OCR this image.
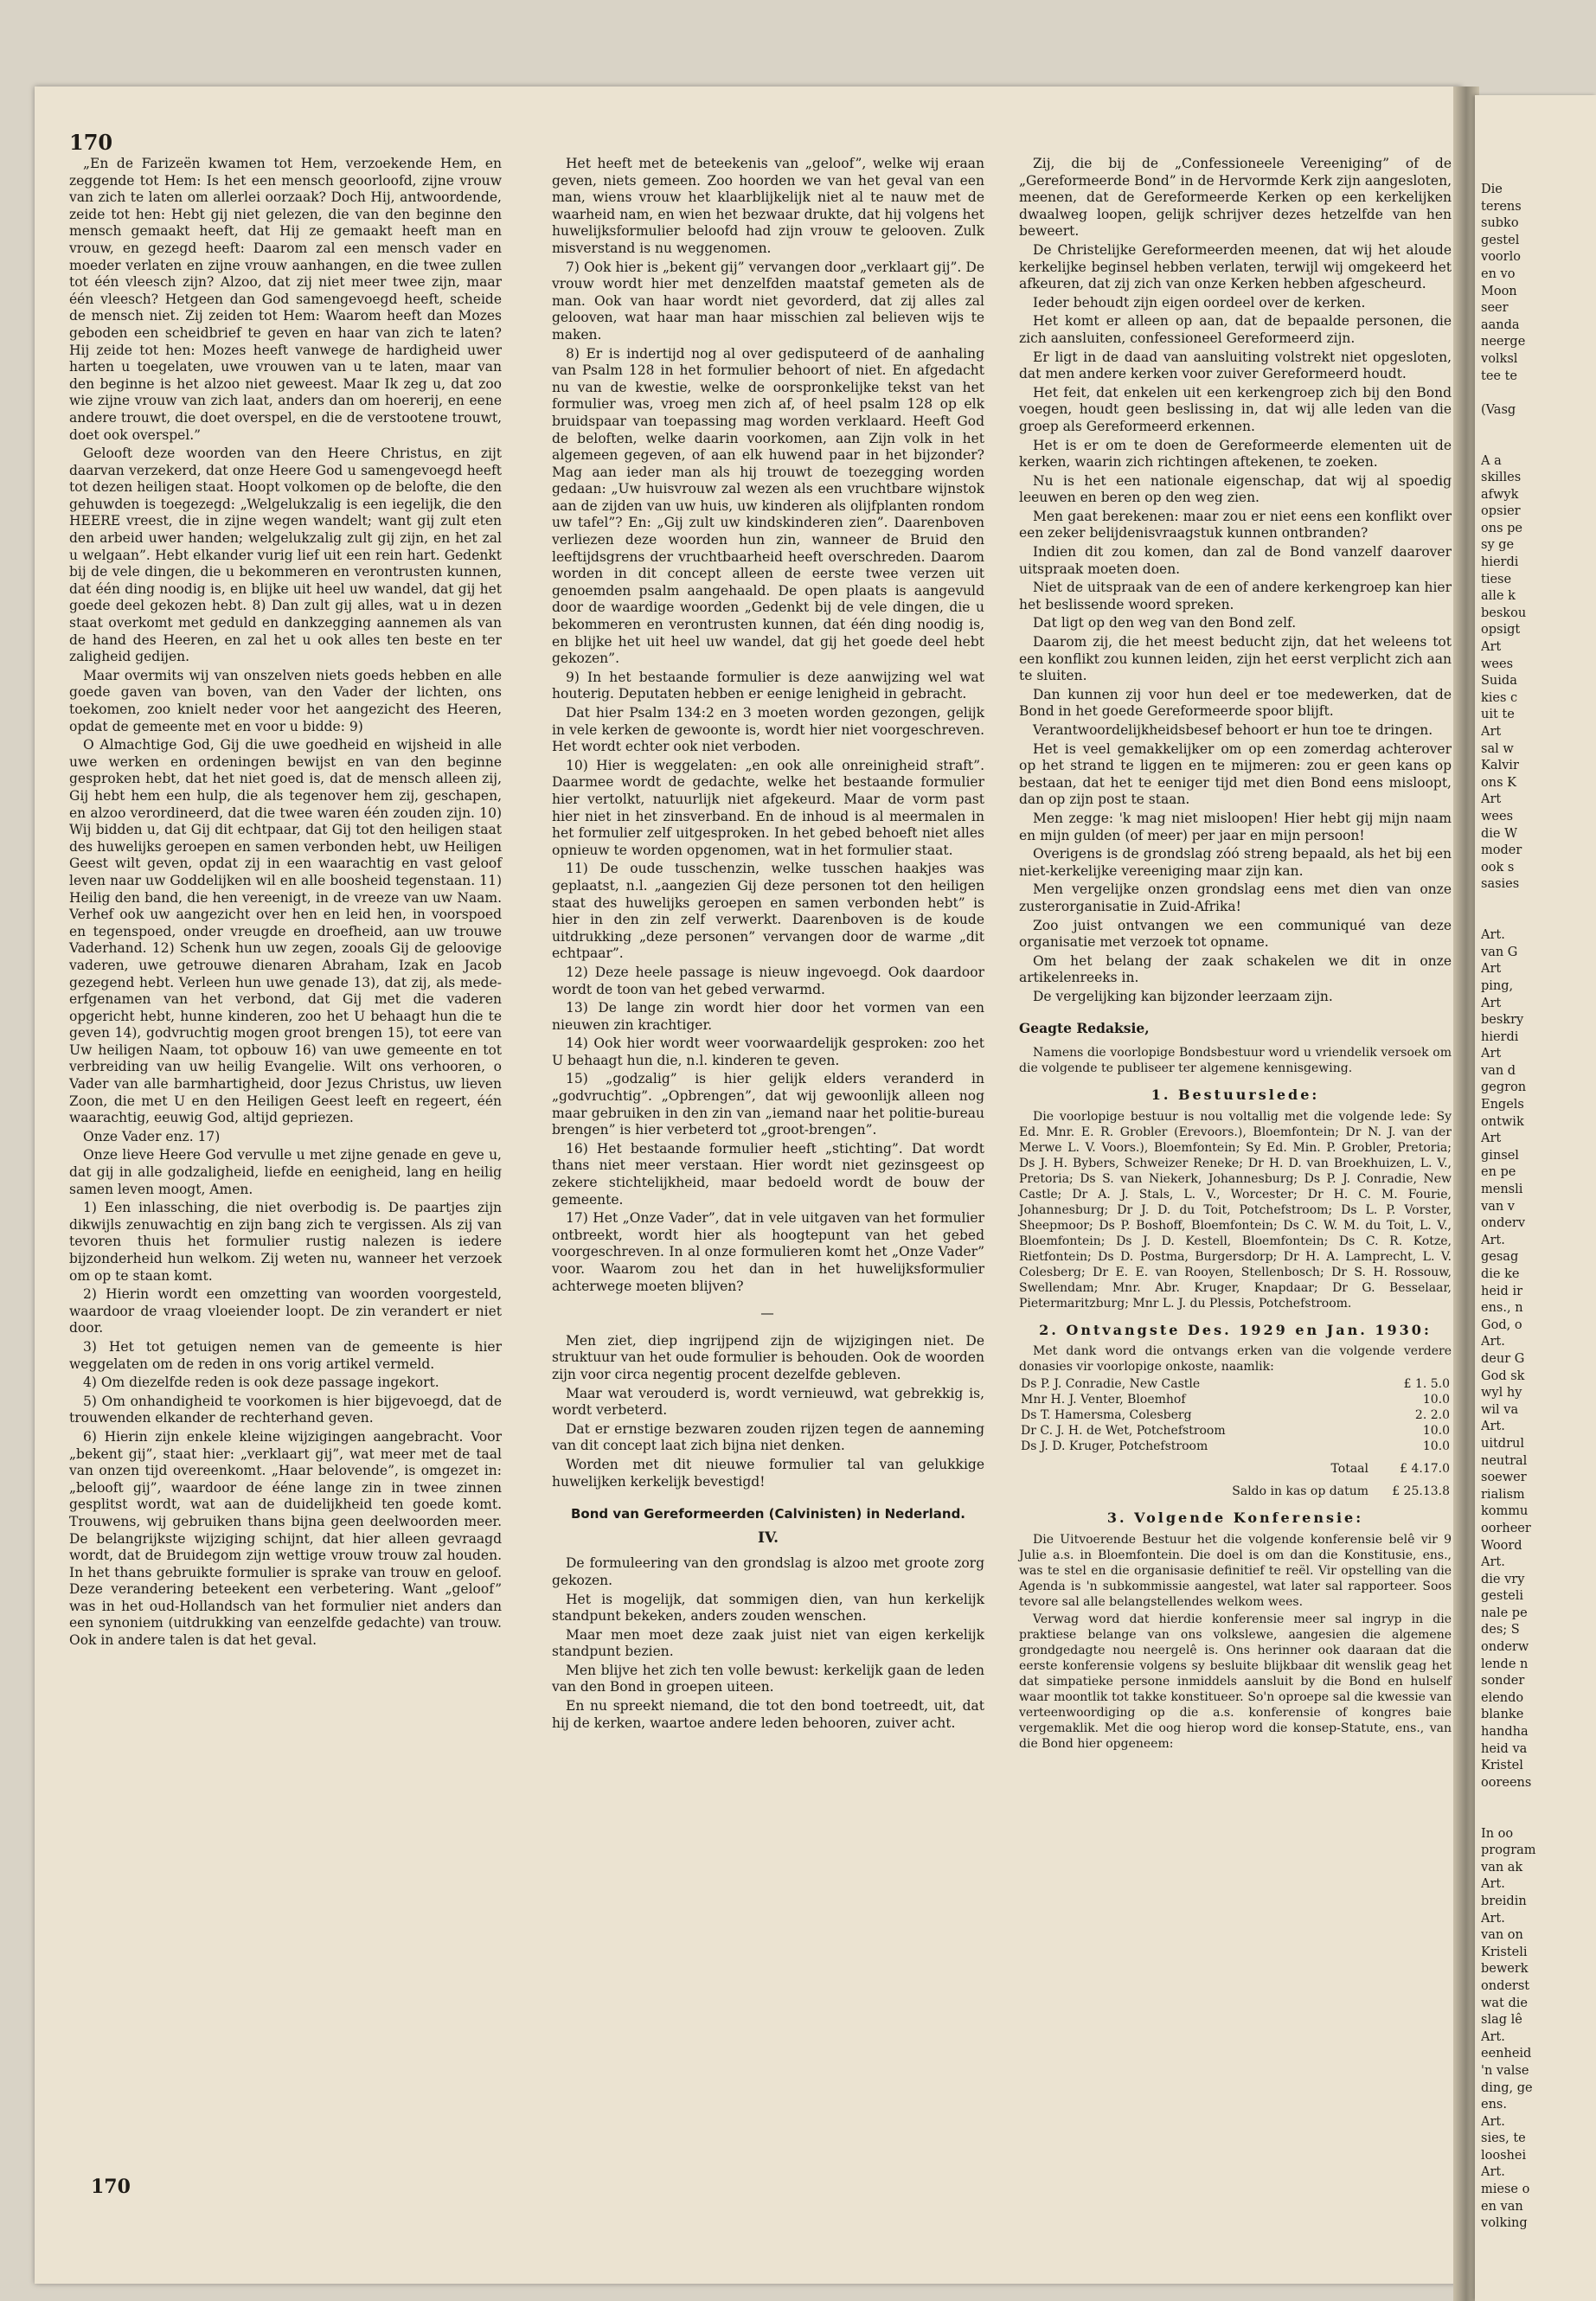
170

„En de Farizeën kwamen tot Hem, verzoekende Hem, en zeggende tot Hem: Is het een mensch geoorloofd, zijne vrouw van zich te laten om allerlei oorzaak? Doch Hij, antwoordende, zeide tot hen: Hebt gij niet gelezen, die van den beginne den mensch gemaakt heeft, dat Hij ze gemaakt heeft man en vrouw, en gezegd heeft: Daarom zal een mensch vader en moeder verlaten en zijne vrouw aanhangen, en die twee zullen tot één vleesch zijn? Alzoo, dat zij niet meer twee zijn, maar één vleesch? Hetgeen dan God samengevoegd heeft, scheide de mensch niet. Zij zeiden tot Hem: Waarom heeft dan Mozes geboden een scheidbrief te geven en haar van zich te laten? Hij zeide tot hen: Mozes heeft vanwege de hardigheid uwer harten u toegelaten, uwe vrouwen van u te laten, maar van den beginne is het alzoo niet geweest. Maar Ik zeg u, dat zoo wie zijne vrouw van zich laat, anders dan om hoererij, en eene andere trouwt, die doet overspel, en die de verstootene trouwt, doet ook overspel.”

Gelooft deze woorden van den Heere Christus, en zijt daarvan verzekerd, dat onze Heere God u samengevoegd heeft tot dezen heiligen staat. Hoopt volkomen op de belofte, die den gehuwden is toegezegd: „Welgelukzalig is een iegelijk, die den HEERE vreest, die in zijne wegen wandelt; want gij zult eten den arbeid uwer handen; welgelukzalig zult gij zijn, en het zal u welgaan”. Hebt elkander vurig lief uit een rein hart. Gedenkt bij de vele dingen, die u bekommeren en verontrusten kunnen, dat één ding noodig is, en blijke uit heel uw wandel, dat gij het goede deel gekozen hebt. 8) Dan zult gij alles, wat u in dezen staat overkomt met geduld en dankzegging aannemen als van de hand des Heeren, en zal het u ook alles ten beste en ter zaligheid gedijen.

Maar overmits wij van onszelven niets goeds hebben en alle goede gaven van boven, van den Vader der lichten, ons toekomen, zoo knielt neder voor het aangezicht des Heeren, opdat de gemeente met en voor u bidde: 9)

O Almachtige God, Gij die uwe goedheid en wijsheid in alle uwe werken en ordeningen bewijst en van den beginne gesproken hebt, dat het niet goed is, dat de mensch alleen zij, Gij hebt hem een hulp, die als tegenover hem zij, geschapen, en alzoo verordineerd, dat die twee waren één zouden zijn. 10) Wij bidden u, dat Gij dit echtpaar, dat Gij tot den heiligen staat des huwelijks geroepen en samen verbonden hebt, uw Heiligen Geest wilt geven, opdat zij in een waarachtig en vast geloof leven naar uw Goddelijken wil en alle boosheid tegenstaan. 11) Heilig den band, die hen vereenigt, in de vreeze van uw Naam. Verhef ook uw aangezicht over hen en leid hen, in voorspoed en tegenspoed, onder vreugde en droefheid, aan uw trouwe Vaderhand. 12) Schenk hun uw zegen, zooals Gij de geloovige vaderen, uwe getrouwe dienaren Abraham, Izak en Jacob gezegend hebt. Verleen hun uwe genade 13), dat zij, als mede-erfgenamen van het verbond, dat Gij met die vaderen opgericht hebt, hunne kinderen, zoo het U behaagt hun die te geven 14), godvruchtig mogen groot brengen 15), tot eere van Uw heiligen Naam, tot opbouw 16) van uwe gemeente en tot verbreiding van uw heilig Evangelie. Wilt ons verhooren, o Vader van alle barmhartigheid, door Jezus Christus, uw lieven Zoon, die met U en den Heiligen Geest leeft en regeert, één waarachtig, eeuwig God, altijd gepriezen.

Onze Vader enz. 17)

Onze lieve Heere God vervulle u met zijne genade en geve u, dat gij in alle godzaligheid, liefde en eenigheid, lang en heilig samen leven moogt, Amen.

1) Een inlassching, die niet overbodig is. De paartjes zijn dikwijls zenuwachtig en zijn bang zich te vergissen. Als zij van tevoren thuis het formulier rustig nalezen is iedere bijzonderheid hun welkom. Zij weten nu, wanneer het verzoek om op te staan komt.

2) Hierin wordt een omzetting van woorden voorgesteld, waardoor de vraag vloeiender loopt. De zin verandert er niet door.

3) Het tot getuigen nemen van de gemeente is hier weggelaten om de reden in ons vorig artikel vermeld.

4) Om diezelfde reden is ook deze passage ingekort.

5) Om onhandigheid te voorkomen is hier bijgevoegd, dat de trouwenden elkander de rechterhand geven.

6) Hierin zijn enkele kleine wijzigingen aangebracht. Voor „bekent gij”, staat hier: „verklaart gij”, wat meer met de taal van onzen tijd overeenkomt. „Haar belovende”, is omgezet in: „belooft gij”, waardoor de ééne lange zin in twee zinnen gesplitst wordt, wat aan de duidelijkheid ten goede komt. Trouwens, wij gebruiken thans bijna geen deelwoorden meer. De belangrijkste wijziging schijnt, dat hier alleen gevraagd wordt, dat de Bruidegom zijn wettige vrouw trouw zal houden. In het thans gebruikte formulier is sprake van trouw en geloof. Deze verandering beteekent een verbetering. Want „geloof” was in het oud-Hollandsch van het formulier niet anders dan een synoniem (uitdrukking van eenzelfde gedachte) van trouw. Ook in andere talen is dat het geval.

Het heeft met de beteekenis van „geloof”, welke wij eraan geven, niets gemeen. Zoo hoorden we van het geval van een man, wiens vrouw het klaarblijkelijk niet al te nauw met de waarheid nam, en wien het bezwaar drukte, dat hij volgens het huwelijksformulier beloofd had zijn vrouw te gelooven. Zulk misverstand is nu weggenomen.

7) Ook hier is „bekent gij” vervangen door „verklaart gij”. De vrouw wordt hier met denzelfden maatstaf gemeten als de man. Ook van haar wordt niet gevorderd, dat zij alles zal gelooven, wat haar man haar misschien zal believen wijs te maken.

8) Er is indertijd nog al over gedisputeerd of de aanhaling van Psalm 128 in het formulier behoort of niet. En afgedacht nu van de kwestie, welke de oorspronkelijke tekst van het formulier was, vroeg men zich af, of heel psalm 128 op elk bruidspaar van toepassing mag worden verklaard. Heeft God de beloften, welke daarin voorkomen, aan Zijn volk in het algemeen gegeven, of aan elk huwend paar in het bijzonder? Mag aan ieder man als hij trouwt de toezegging worden gedaan: „Uw huisvrouw zal wezen als een vruchtbare wijnstok aan de zijden van uw huis, uw kinderen als olijfplanten rondom uw tafel”? En: „Gij zult uw kindskinderen zien”. Daarenboven verliezen deze woorden hun zin, wanneer de Bruid den leeftijdsgrens der vruchtbaarheid heeft overschreden. Daarom worden in dit concept alleen de eerste twee verzen uit genoemden psalm aangehaald. De open plaats is aangevuld door de waardige woorden „Gedenkt bij de vele dingen, die u bekommeren en verontrusten kunnen, dat één ding noodig is, en blijke het uit heel uw wandel, dat gij het goede deel hebt gekozen”.

9) In het bestaande formulier is deze aanwijzing wel wat houterig. Deputaten hebben er eenige lenigheid in gebracht.

Dat hier Psalm 134:2 en 3 moeten worden gezongen, gelijk in vele kerken de gewoonte is, wordt hier niet voorgeschreven. Het wordt echter ook niet verboden.

10) Hier is weggelaten: „en ook alle onreinigheid straft”. Daarmee wordt de gedachte, welke het bestaande formulier hier vertolkt, natuurlijk niet afgekeurd. Maar de vorm past hier niet in het zinsverband. En de inhoud is al meermalen in het formulier zelf uitgesproken. In het gebed behoeft niet alles opnieuw te worden opgenomen, wat in het formulier staat.

11) De oude tusschenzin, welke tusschen haakjes was geplaatst, n.l. „aangezien Gij deze personen tot den heiligen staat des huwelijks geroepen en samen verbonden hebt” is hier in den zin zelf verwerkt. Daarenboven is de koude uitdrukking „deze personen” vervangen door de warme „dit echtpaar”.

12) Deze heele passage is nieuw ingevoegd. Ook daardoor wordt de toon van het gebed verwarmd.

13) De lange zin wordt hier door het vormen van een nieuwen zin krachtiger.

14) Ook hier wordt weer voorwaardelijk gesproken: zoo het U behaagt hun die, n.l. kinderen te geven.

15) „godzalig” is hier gelijk elders veranderd in „godvruchtig”. „Opbrengen”, dat wij gewoonlijk alleen nog maar gebruiken in den zin van „iemand naar het politie-bureau brengen” is hier verbeterd tot „groot-brengen”.

16) Het bestaande formulier heeft „stichting”. Dat wordt thans niet meer verstaan. Hier wordt niet gezinsgeest op zekere stichtelijkheid, maar bedoeld wordt de bouw der gemeente.

17) Het „Onze Vader”, dat in vele uitgaven van het formulier ontbreekt, wordt hier als hoogtepunt van het gebed voorgeschreven. In al onze formulieren komt het „Onze Vader” voor. Waarom zou het dan in het huwelijksformulier achterwege moeten blijven?

—

Men ziet, diep ingrijpend zijn de wijzigingen niet. De struktuur van het oude formulier is behouden. Ook de woorden zijn voor circa negentig procent dezelfde gebleven.

Maar wat verouderd is, wordt vernieuwd, wat gebrekkig is, wordt verbeterd.

Dat er ernstige bezwaren zouden rijzen tegen de aanneming van dit concept laat zich bijna niet denken.

Worden met dit nieuwe formulier tal van gelukkige huwelijken kerkelijk bevestigd!

Bond van Gereformeerden (Calvinisten) in Nederland.
IV.

De formuleering van den grondslag is alzoo met groote zorg gekozen.

Het is mogelijk, dat sommigen dien, van hun kerkelijk standpunt bekeken, anders zouden wenschen.

Maar men moet deze zaak juist niet van eigen kerkelijk standpunt bezien.

Men blijve het zich ten volle bewust: kerkelijk gaan de leden van den Bond in groepen uiteen.

En nu spreekt niemand, die tot den bond toetreedt, uit, dat hij de kerken, waartoe andere leden behooren, zuiver acht.

Zij, die bij de „Confessioneele Vereeniging” of de „Gereformeerde Bond” in de Hervormde Kerk zijn aangesloten, meenen, dat de Gereformeerde Kerken op een kerkelijken dwaalweg loopen, gelijk schrijver dezes hetzelfde van hen beweert.

De Christelijke Gereformeerden meenen, dat wij het aloude kerkelijke beginsel hebben verlaten, terwijl wij omgekeerd het afkeuren, dat zij zich van onze Kerken hebben afgescheurd.

Ieder behoudt zijn eigen oordeel over de kerken.

Het komt er alleen op aan, dat de bepaalde personen, die zich aansluiten, confessioneel Gereformeerd zijn.

Er ligt in de daad van aansluiting volstrekt niet opgesloten, dat men andere kerken voor zuiver Gereformeerd houdt.

Het feit, dat enkelen uit een kerkengroep zich bij den Bond voegen, houdt geen beslissing in, dat wij alle leden van die groep als Gereformeerd erkennen.

Het is er om te doen de Gereformeerde elementen uit de kerken, waarin zich richtingen aftekenen, te zoeken.

Nu is het een nationale eigenschap, dat wij al spoedig leeuwen en beren op den weg zien.

Men gaat berekenen: maar zou er niet eens een konflikt over een zeker belijdenisvraagstuk kunnen ontbranden?

Indien dit zou komen, dan zal de Bond vanzelf daarover uitspraak moeten doen.

Niet de uitspraak van de een of andere kerkengroep kan hier het beslissende woord spreken.

Dat ligt op den weg van den Bond zelf.

Daarom zij, die het meest beducht zijn, dat het weleens tot een konflikt zou kunnen leiden, zijn het eerst verplicht zich aan te sluiten.

Dan kunnen zij voor hun deel er toe medewerken, dat de Bond in het goede Gereformeerde spoor blijft.

Verantwoordelijkheidsbesef behoort er hun toe te dringen.

Het is veel gemakkelijker om op een zomerdag achterover op het strand te liggen en te mijmeren: zou er geen kans op bestaan, dat het te eeniger tijd met dien Bond eens misloopt, dan op zijn post te staan.

Men zegge: 'k mag niet misloopen! Hier hebt gij mijn naam en mijn gulden (of meer) per jaar en mijn persoon!

Overigens is de grondslag zóó streng bepaald, als het bij een niet-kerkelijke vereeniging maar zijn kan.

Men vergelijke onzen grondslag eens met dien van onze zusterorganisatie in Zuid-Afrika!

Zoo juist ontvangen we een communiqué van deze organisatie met verzoek tot opname.

Om het belang der zaak schakelen we dit in onze artikelenreeks in.

De vergelijking kan bijzonder leerzaam zijn.

Geagte Redaksie,

Namens die voorlopige Bondsbestuur word u vriendelik versoek om die volgende te publiseer ter algemene kennisgewing.

1. Bestuurslede:

Die voorlopige bestuur is nou voltallig met die volgende lede: Sy Ed. Mnr. E. R. Grobler (Erevoors.), Bloemfontein; Dr N. J. van der Merwe L. V. Voors.), Bloemfontein; Sy Ed. Min. P. Grobler, Pretoria; Ds J. H. Bybers, Schweizer Reneke; Dr H. D. van Broekhuizen, L. V., Pretoria; Ds S. van Niekerk, Johannesburg; Ds P. J. Conradie, New Castle; Dr A. J. Stals, L. V., Worcester; Dr H. C. M. Fourie, Johannesburg; Dr J. D. du Toit, Potchefstroom; Ds L. P. Vorster, Sheepmoor; Ds P. Boshoff, Bloemfontein; Ds C. W. M. du Toit, L. V., Bloemfontein; Ds J. D. Kestell, Bloemfontein; Ds C. R. Kotze, Rietfontein; Ds D. Postma, Burgersdorp; Dr H. A. Lamprecht, L. V. Colesberg; Dr E. E. van Rooyen, Stellenbosch; Dr S. H. Rossouw, Swellendam; Mnr. Abr. Kruger, Knapdaar; Dr G. Besselaar, Pietermaritzburg; Mnr L. J. du Plessis, Potchefstroom.

2. Ontvangste Des. 1929 en Jan. 1930:

Met dank word die ontvangs erken van die volgende verdere donasies vir voorlopige onkoste, naamlik:

Ds P. J. Conradie, New Castle	£ 1. 5.0
Mnr H. J. Venter, Bloemhof	10.0
Ds T. Hamersma, Colesberg	2. 2.0
Dr C. J. H. de Wet, Potchefstroom	10.0
Ds J. D. Kruger, Potchefstroom	10.0
Totaal	£ 4.17.0
Saldo in kas op datum	£ 25.13.8
3. Volgende Konferensie:

Die Uitvoerende Bestuur het die volgende konferensie belê vir 9 Julie a.s. in Bloemfontein. Die doel is om dan die Konstitusie, ens., was te stel en die organisasie definitief te reël. Vir opstelling van die Agenda is 'n subkommissie aangestel, wat later sal rapporteer. Soos tevore sal alle belangstellendes welkom wees.

Verwag word dat hierdie konferensie meer sal ingryp in die praktiese belange van ons volkslewe, aangesien die algemene grondgedagte nou neergelê is. Ons herinner ook daaraan dat die eerste konferensie volgens sy besluite blijkbaar dit wenslik geag het dat simpatieke persone inmiddels aansluit by die Bond en hulself waar moontlik tot takke konstitueer. So'n oproepe sal die kwessie van verteenwoordiging op die a.s. konferensie of kongres baie vergemaklik. Met die oog hierop word die konsep-Statute, ens., van die Bond hier opgeneem:

Die
terens
subko
gestel
voorlo
en vo
Moon
seer
aanda
neerge
volksl
tee te

(Vasg

A a
skilles
afwyk
opsier
ons pe
sy ge
hierdi
tiese
alle k
beskou
opsigt
Art
wees
Suida
kies c
uit te
Art
sal w
Kalvir
ons K
Art
wees
die W
moder
ook s
sasies

Art.
van G
Art
ping,
Art
beskry
hierdi
Art
van d
gegron
Engels
ontwik
Art
ginsel
en pe
mensli
van v
onderv
Art.
gesag
die ke
heid ir
ens., n
God, o
Art.
deur G
God sk
wyl hy
wil va
Art.
uitdrul
neutral
soewer
rialism
kommu
oorheer
Woord
Art.
die vry
gesteli
nale pe
des; S
onderw
lende n
sonder
elendo
blanke
handha
heid va
Kristel
ooreens

In oo
program
van ak
Art.
breidin
Art.
van on
Kristeli
bewerk
onderst
wat die
slag lê
Art.
eenheid
'n valse
ding, ge
ens.
Art.
sies, te
looshei
Art.
miese o
en van
volking
170
